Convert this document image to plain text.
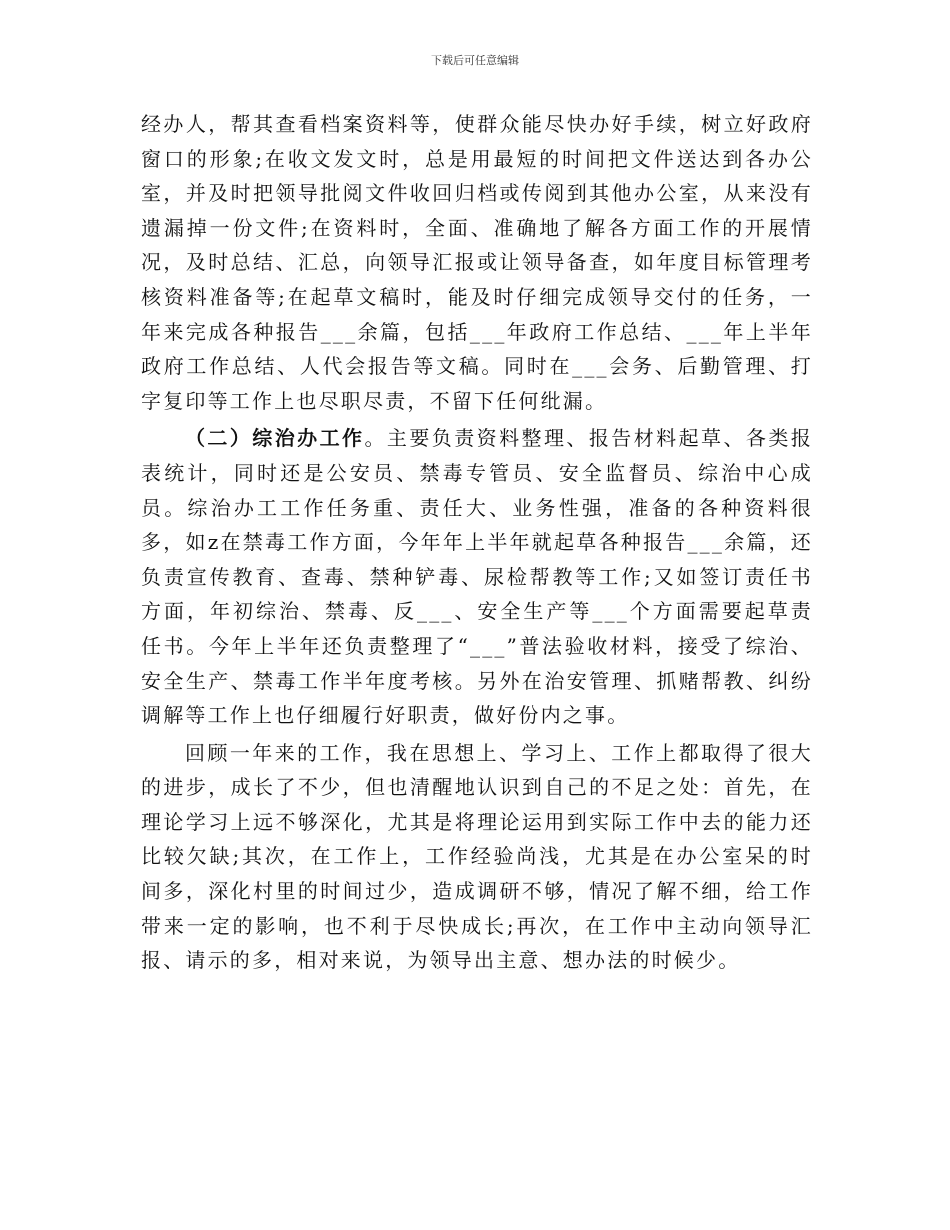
下载后可任意编辑

经办人，帮其查看档案资料等，使群众能尽快办好手续，树立好政府窗口的形象;在收文发文时，总是用最短的时间把文件送达到各办公室，并及时把领导批阅文件收回归档或传阅到其他办公室，从来没有遗漏掉一份文件;在资料时，全面、准确地了解各方面工作的开展情况，及时总结、汇总，向领导汇报或让领导备查，如年度目标管理考核资料准备等;在起草文稿时，能及时仔细完成领导交付的任务，一年来完成各种报告___余篇，包括___年政府工作总结、___年上半年政府工作总结、人代会报告等文稿。同时在___会务、后勤管理、打字复印等工作上也尽职尽责，不留下任何纰漏。

（二）综治办工作。主要负责资料整理、报告材料起草、各类报表统计，同时还是公安员、禁毒专管员、安全监督员、综治中心成员。综治办工工作任务重、责任大、业务性强，准备的各种资料很多，如z在禁毒工作方面，今年年上半年就起草各种报告___余篇，还负责宣传教育、查毒、禁种铲毒、尿检帮教等工作;又如签订责任书方面，年初综治、禁毒、反___、安全生产等___个方面需要起草责任书。今年上半年还负责整理了“___”普法验收材料，接受了综治、安全生产、禁毒工作半年度考核。另外在治安管理、抓赌帮教、纠纷调解等工作上也仔细履行好职责，做好份内之事。

回顾一年来的工作，我在思想上、学习上、工作上都取得了很大的进步，成长了不少，但也清醒地认识到自己的不足之处：首先，在理论学习上远不够深化，尤其是将理论运用到实际工作中去的能力还比较欠缺;其次，在工作上，工作经验尚浅，尤其是在办公室呆的时间多，深化村里的时间过少，造成调研不够，情况了解不细，给工作带来一定的影响，也不利于尽快成长;再次，在工作中主动向领导汇报、请示的多，相对来说，为领导出主意、想办法的时候少。
